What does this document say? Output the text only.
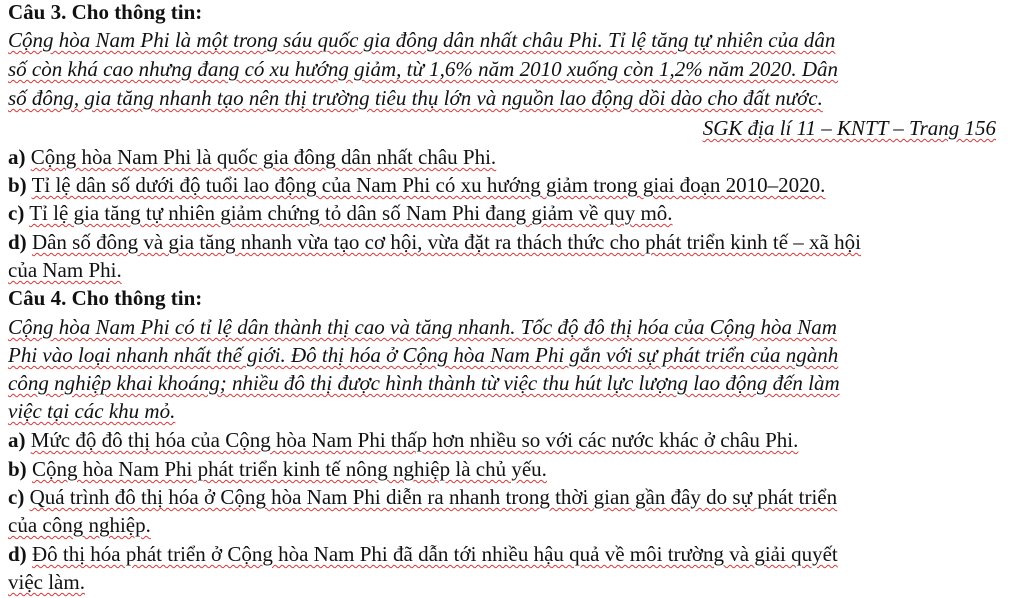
Câu 3. Cho thông tin:
Cộng hòa Nam Phi là một trong sáu quốc gia đông dân nhất châu Phi. Tỉ lệ tăng tự nhiên của dân
số còn khá cao nhưng đang có xu hướng giảm, từ 1,6% năm 2010 xuống còn 1,2% năm 2020. Dân
số đông, gia tăng nhanh tạo nên thị trường tiêu thụ lớn và nguồn lao động dồi dào cho đất nước.
SGK địa lí 11 – KNTT – Trang 156
a) Cộng hòa Nam Phi là quốc gia đông dân nhất châu Phi.
b) Tỉ lệ dân số dưới độ tuổi lao động của Nam Phi có xu hướng giảm trong giai đoạn 2010–2020.
c) Tỉ lệ gia tăng tự nhiên giảm chứng tỏ dân số Nam Phi đang giảm về quy mô.
d) Dân số đông và gia tăng nhanh vừa tạo cơ hội, vừa đặt ra thách thức cho phát triển kinh tế – xã hội
của Nam Phi.
Câu 4. Cho thông tin:
Cộng hòa Nam Phi có tỉ lệ dân thành thị cao và tăng nhanh. Tốc độ đô thị hóa của Cộng hòa Nam
Phi vào loại nhanh nhất thế giới. Đô thị hóa ở Cộng hòa Nam Phi gắn với sự phát triển của ngành
công nghiệp khai khoáng; nhiều đô thị được hình thành từ việc thu hút lực lượng lao động đến làm
việc tại các khu mỏ.
a) Mức độ đô thị hóa của Cộng hòa Nam Phi thấp hơn nhiều so với các nước khác ở châu Phi.
b) Cộng hòa Nam Phi phát triển kinh tế nông nghiệp là chủ yếu.
c) Quá trình đô thị hóa ở Cộng hòa Nam Phi diễn ra nhanh trong thời gian gần đây do sự phát triển
của công nghiệp.
d) Đô thị hóa phát triển ở Cộng hòa Nam Phi đã dẫn tới nhiều hậu quả về môi trường và giải quyết
việc làm.
